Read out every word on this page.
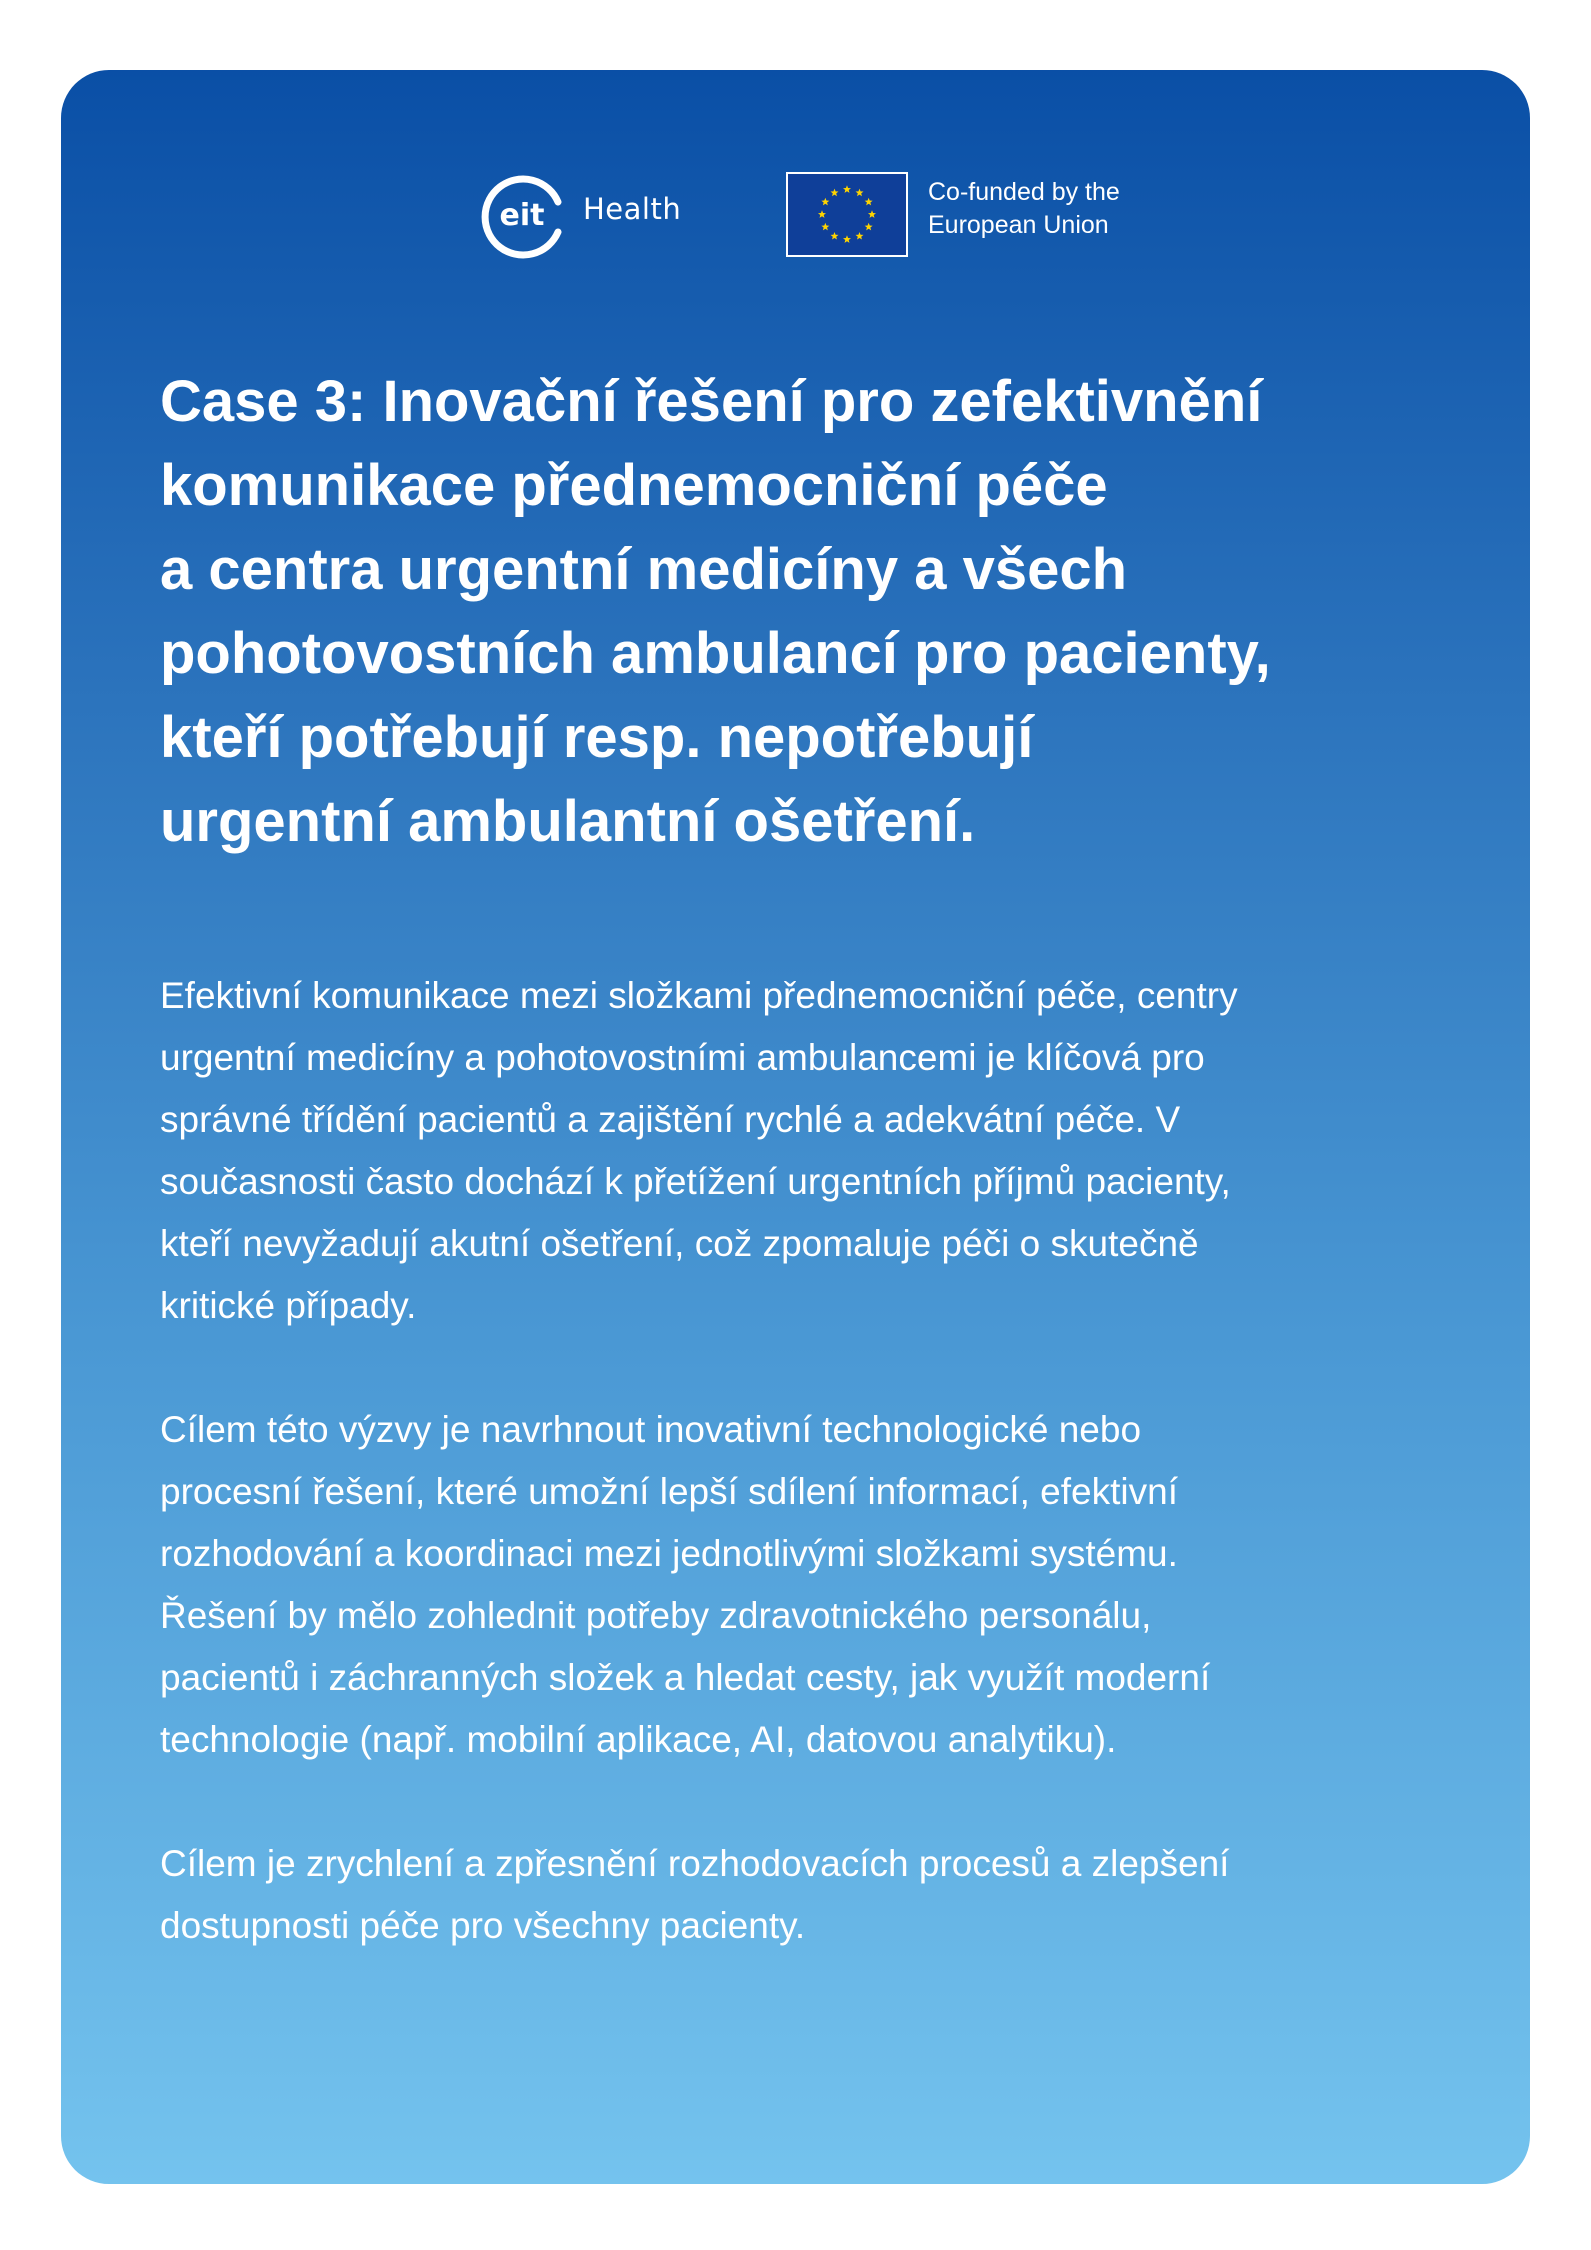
eit Health	Co-funded by the
European Union
Case 3: Inovační řešení pro zefektivnění
komunikace přednemocniční péče
a centra urgentní medicíny a všech
pohotovostních ambulancí pro pacienty,
kteří potřebují resp. nepotřebují
urgentní ambulantní ošetření.

Efektivní komunikace mezi složkami přednemocniční péče, centry
urgentní medicíny a pohotovostními ambulancemi je klíčová pro
správné třídění pacientů a zajištění rychlé a adekvátní péče. V
současnosti často dochází k přetížení urgentních příjmů pacienty,
kteří nevyžadují akutní ošetření, což zpomaluje péči o skutečně
kritické případy.

Cílem této výzvy je navrhnout inovativní technologické nebo
procesní řešení, které umožní lepší sdílení informací, efektivní
rozhodování a koordinaci mezi jednotlivými složkami systému.
Řešení by mělo zohlednit potřeby zdravotnického personálu,
pacientů i záchranných složek a hledat cesty, jak využít moderní
technologie (např. mobilní aplikace, AI, datovou analytiku).

Cílem je zrychlení a zpřesnění rozhodovacích procesů a zlepšení
dostupnosti péče pro všechny pacienty.
